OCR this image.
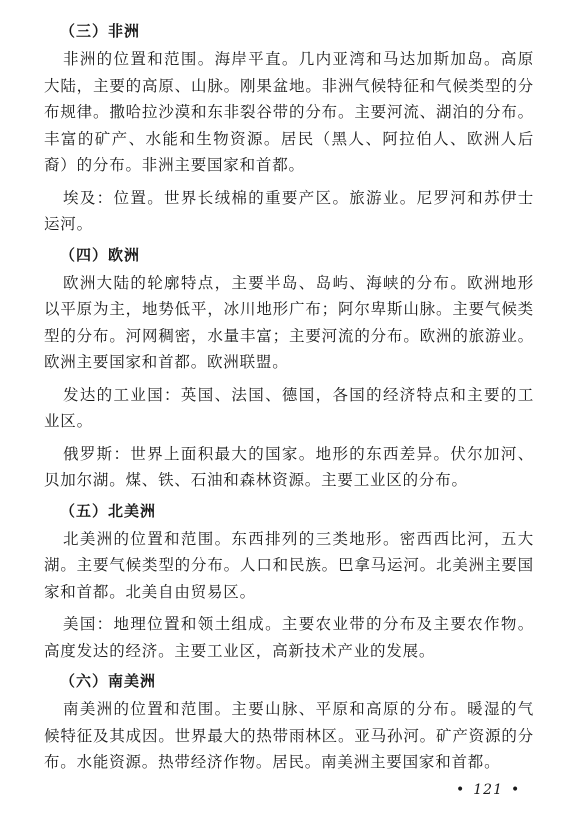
（三）非洲

非洲的位置和范围。海岸平直。几内亚湾和马达加斯加岛。高原大陆，主要的高原、山脉。刚果盆地。非洲气候特征和气候类型的分布规律。撒哈拉沙漠和东非裂谷带的分布。主要河流、湖泊的分布。丰富的矿产、水能和生物资源。居民（黑人、阿拉伯人、欧洲人后裔）的分布。非洲主要国家和首都。

埃及：位置。世界长绒棉的重要产区。旅游业。尼罗河和苏伊士运河。

（四）欧洲

欧洲大陆的轮廓特点，主要半岛、岛屿、海峡的分布。欧洲地形以平原为主，地势低平，冰川地形广布；阿尔卑斯山脉。主要气候类型的分布。河网稠密，水量丰富；主要河流的分布。欧洲的旅游业。欧洲主要国家和首都。欧洲联盟。

发达的工业国：英国、法国、德国，各国的经济特点和主要的工业区。

俄罗斯：世界上面积最大的国家。地形的东西差异。伏尔加河、贝加尔湖。煤、铁、石油和森林资源。主要工业区的分布。

（五）北美洲

北美洲的位置和范围。东西排列的三类地形。密西西比河，五大湖。主要气候类型的分布。人口和民族。巴拿马运河。北美洲主要国家和首都。北美自由贸易区。

美国：地理位置和领土组成。主要农业带的分布及主要农作物。高度发达的经济。主要工业区，高新技术产业的发展。

（六）南美洲

南美洲的位置和范围。主要山脉、平原和高原的分布。暖湿的气候特征及其成因。世界最大的热带雨林区。亚马孙河。矿产资源的分布。水能资源。热带经济作物。居民。南美洲主要国家和首都。

• 121 •
